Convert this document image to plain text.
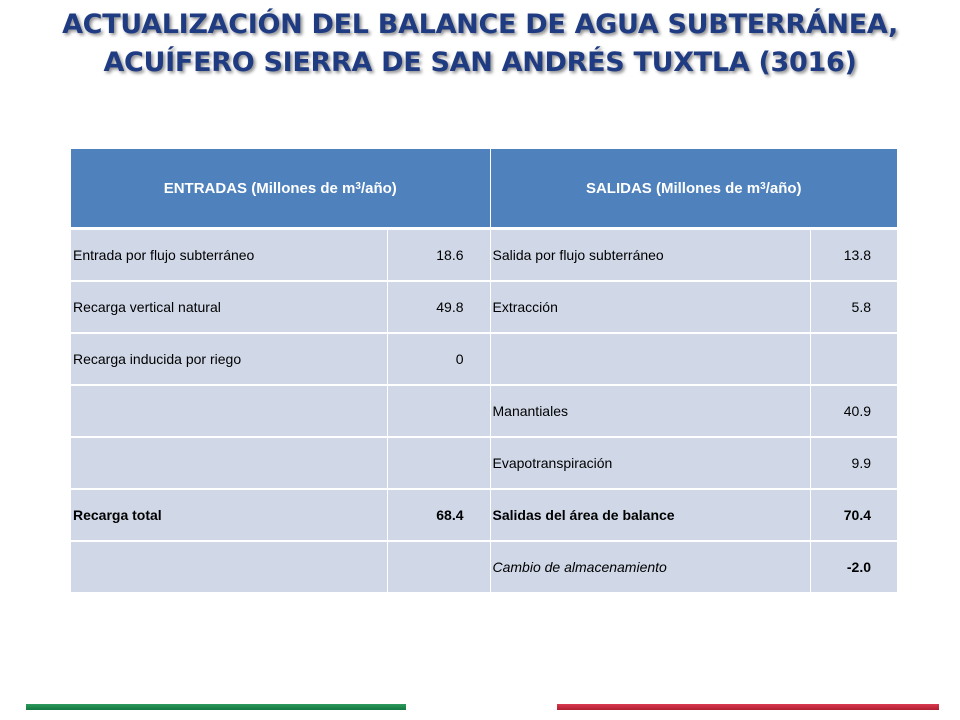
ACTUALIZACIÓN DEL BALANCE DE AGUA SUBTERRÁNEA,
ACUÍFERO SIERRA DE SAN ANDRÉS TUXTLA (3016)
ENTRADAS (Millones de $m^3/año$)		SALIDAS (Millones de $m^3/año$)	
Entrada por flujo subterráneo	18.6	Salida por flujo subterráneo	13.8
Recarga vertical natural	49.8	Extracción	5.8
Recarga inducida por riego	0		
		Manantiales	40.9
		Evapotranspiración	9.9
Recarga total	68.4	Salidas del área de balance	70.4
		Cambio de almacenamiento	-2.0
